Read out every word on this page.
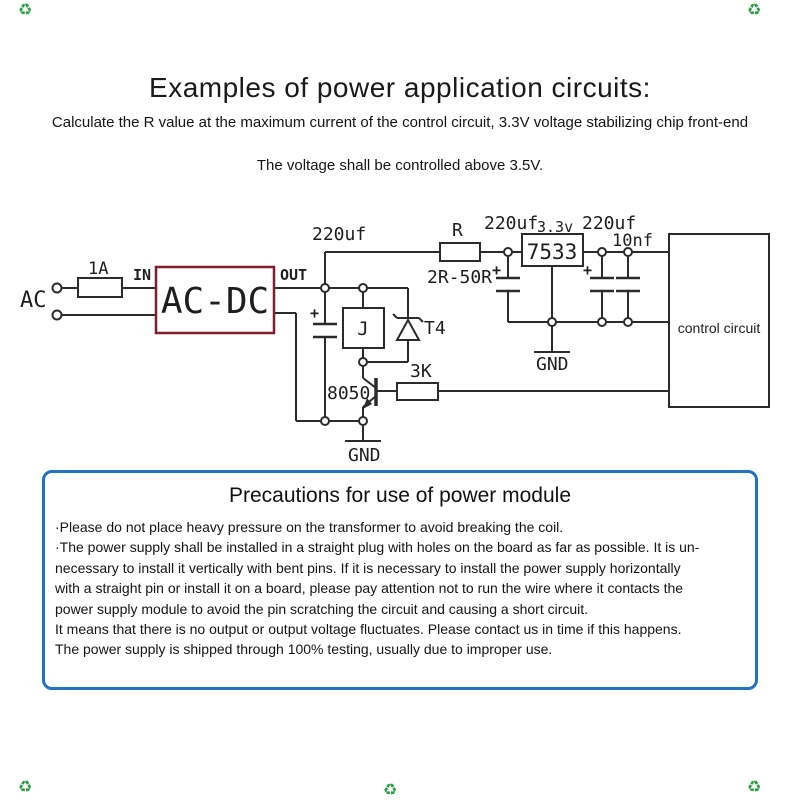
Examples of power application circuits:
Calculate the R value at the maximum current of the control circuit, 3.3V voltage stabilizing chip front-end
The voltage shall be controlled above 3.5V.
AC
1A IN
AC-DC
OUT
220uf	R
2R-50R
220uf
3.3v 220uf
10nf
7533
GND
control circuit
J	T4
8050
3K
GND
+
+	+
Precautions for use of power module
·Please do not place heavy pressure on the transformer to avoid breaking the coil.
·The power supply shall be installed in a straight plug with holes on the board as far as possible. It is un-
necessary to install it vertically with bent pins. If it is necessary to install the power supply horizontally
with a straight pin or install it on a board, please pay attention not to run the wire where it contacts the
power supply module to avoid the pin scratching the circuit and causing a short circuit.
It means that there is no output or output voltage fluctuates. Please contact us in time if this happens.
The power supply is shipped through 100% testing, usually due to improper use.
♻	♻
♻	♻	♻
